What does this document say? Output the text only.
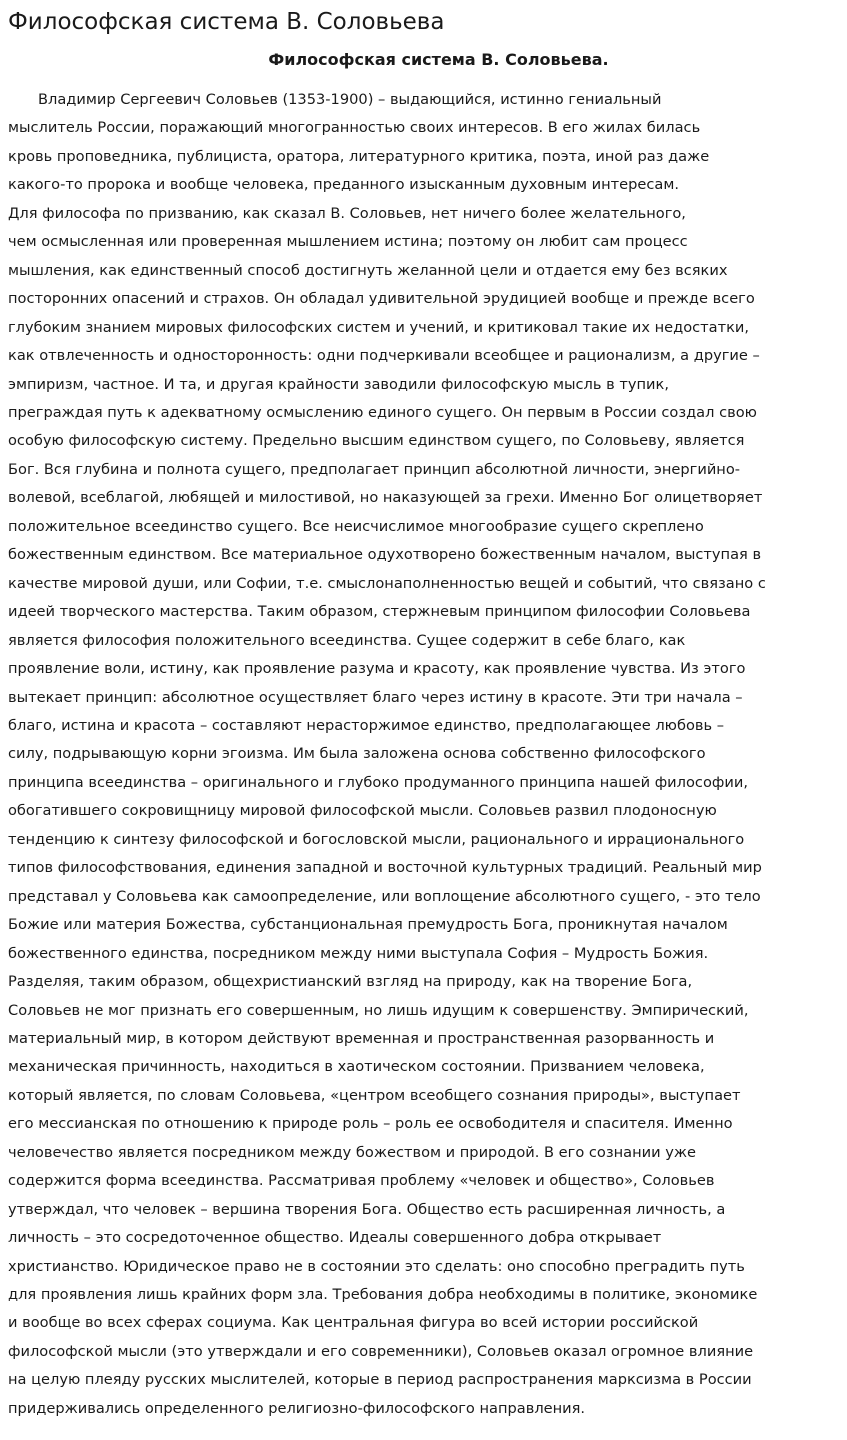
Философская система В. Соловьева
Философская система В. Соловьева.
Владимир Сергеевич Соловьев (1353-1900) – выдающийся, истинно гениальный
мыслитель России, поражающий многогранностью своих интересов. В его жилах билась
кровь проповедника, публициста, оратора, литературного критика, поэта, иной раз даже
какого-то пророка и вообще человека, преданного изысканным духовным интересам.
Для философа по призванию, как сказал В. Соловьев, нет ничего более желательного,
чем осмысленная или проверенная мышлением истина; поэтому он любит сам процесс
мышления, как единственный способ достигнуть желанной цели и отдается ему без всяких
посторонних опасений и страхов. Он обладал удивительной эрудицией вообще и прежде всего
глубоким знанием мировых философских систем и учений, и критиковал такие их недостатки,
как отвлеченность и односторонность: одни подчеркивали всеобщее и рационализм, а другие –
эмпиризм, частное. И та, и другая крайности заводили философскую мысль в тупик,
преграждая путь к адекватному осмыслению единого сущего. Он первым в России создал свою
особую философскую систему. Предельно высшим единством сущего, по Соловьеву, является
Бог. Вся глубина и полнота сущего, предполагает принцип абсолютной личности, энергийно-
волевой, всеблагой, любящей и милостивой, но наказующей за грехи. Именно Бог олицетворяет
положительное всеединство сущего. Все неисчислимое многообразие сущего скреплено
божественным единством. Все материальное одухотворено божественным началом, выступая в
качестве мировой души, или Софии, т.е. смыслонаполненностью вещей и событий, что связано с
идеей творческого мастерства. Таким образом, стержневым принципом философии Соловьева
является философия положительного всеединства. Сущее содержит в себе благо, как
проявление воли, истину, как проявление разума и красоту, как проявление чувства. Из этого
вытекает принцип: абсолютное осуществляет благо через истину в красоте. Эти три начала –
благо, истина и красота – составляют нерасторжимое единство, предполагающее любовь –
силу, подрывающую корни эгоизма. Им была заложена основа собственно философского
принципа всеединства – оригинального и глубоко продуманного принципа нашей философии,
обогатившего сокровищницу мировой философской мысли. Соловьев развил плодоносную
тенденцию к синтезу философской и богословской мысли, рационального и иррационального
типов философствования, единения западной и восточной культурных традиций. Реальный мир
представал у Соловьева как самоопределение, или воплощение абсолютного сущего, - это тело
Божие или материя Божества, субстанциональная премудрость Бога, проникнутая началом
божественного единства, посредником между ними выступала София – Мудрость Божия.
Разделяя, таким образом, общехристианский взгляд на природу, как на творение Бога,
Соловьев не мог признать его совершенным, но лишь идущим к совершенству. Эмпирический,
материальный мир, в котором действуют временная и пространственная разорванность и
механическая причинность, находиться в хаотическом состоянии. Призванием человека,
который является, по словам Соловьева, «центром всеобщего сознания природы», выступает
его мессианская по отношению к природе роль – роль ее освободителя и спасителя. Именно
человечество является посредником между божеством и природой. В его сознании уже
содержится форма всеединства. Рассматривая проблему «человек и общество», Соловьев
утверждал, что человек – вершина творения Бога. Общество есть расширенная личность, а
личность – это сосредоточенное общество. Идеалы совершенного добра открывает
христианство. Юридическое право не в состоянии это сделать: оно способно преградить путь
для проявления лишь крайних форм зла. Требования добра необходимы в политике, экономике
и вообще во всех сферах социума. Как центральная фигура во всей истории российской
философской мысли (это утверждали и его современники), Соловьев оказал огромное влияние
на целую плеяду русских мыслителей, которые в период распространения марксизма в России
придерживались определенного религиозно-философского направления.
